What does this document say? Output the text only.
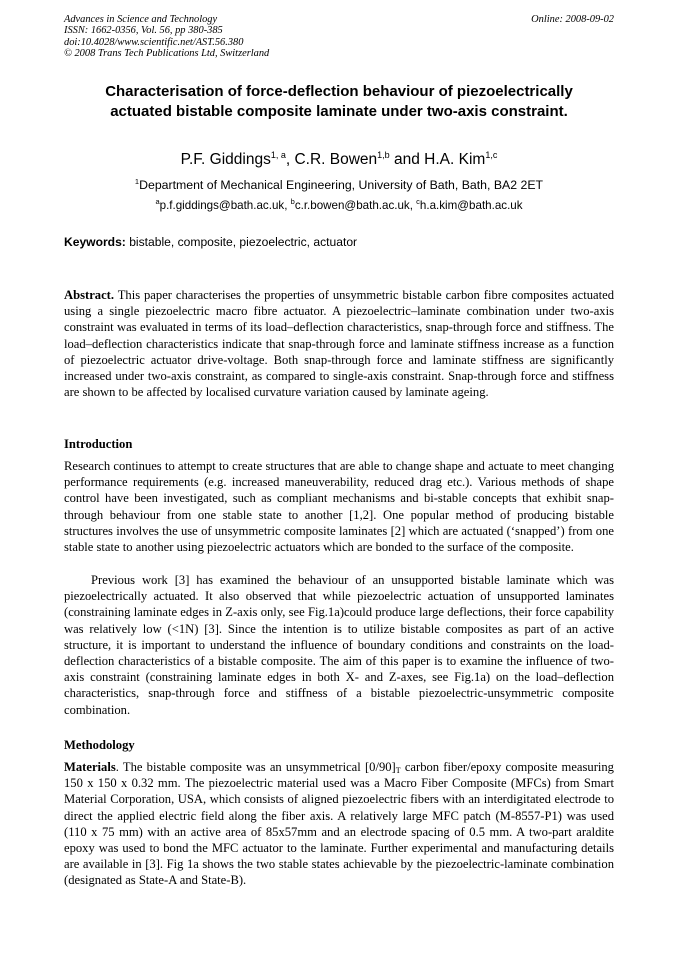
Advances in Science and Technology
ISSN: 1662-0356, Vol. 56, pp 380-385
doi:10.4028/www.scientific.net/AST.56.380
© 2008 Trans Tech Publications Ltd, Switzerland
Online: 2008-09-02
Characterisation of force-deflection behaviour of piezoelectrically
actuated bistable composite laminate under two-axis constraint.
P.F. Giddings$^{1, a}$, C.R. Bowen$^{1,b}$ and H.A. Kim$^{1,c}$
$^1$Department of Mechanical Engineering, University of Bath, Bath, BA2 2ET
$^a$p.f.giddings@bath.ac.uk, $^b$c.r.bowen@bath.ac.uk, $^c$h.a.kim@bath.ac.uk
Keywords: bistable, composite, piezoelectric, actuator
Abstract. This paper characterises the properties of unsymmetric bistable carbon fibre composites actuated using a single piezoelectric macro fibre actuator. A piezoelectric–laminate combination under two-axis constraint was evaluated in terms of its load–deflection characteristics, snap-through force and stiffness. The load–deflection characteristics indicate that snap-through force and laminate stiffness increase as a function of piezoelectric actuator drive-voltage. Both snap-through force and laminate stiffness are significantly increased under two-axis constraint, as compared to single-axis constraint. Snap-through force and stiffness are shown to be affected by localised curvature variation caused by laminate ageing.
Introduction
Research continues to attempt to create structures that are able to change shape and actuate to meet changing performance requirements (e.g. increased maneuverability, reduced drag etc.). Various methods of shape control have been investigated, such as compliant mechanisms and bi-stable concepts that exhibit snap-through behaviour from one stable state to another [1,2]. One popular method of producing bistable structures involves the use of unsymmetric composite laminates [2] which are actuated (‘snapped’) from one stable state to another using piezoelectric actuators which are bonded to the surface of the composite.
Previous work [3] has examined the behaviour of an unsupported bistable laminate which was piezoelectrically actuated. It also observed that while piezoelectric actuation of unsupported laminates (constraining laminate edges in Z-axis only, see Fig.1a)could produce large deflections, their force capability was relatively low (<1N) [3]. Since the intention is to utilize bistable composites as part of an active structure, it is important to understand the influence of boundary conditions and constraints on the load-deflection characteristics of a bistable composite. The aim of this paper is to examine the influence of two-axis constraint (constraining laminate edges in both X- and Z-axes, see Fig.1a) on the load–deflection characteristics, snap-through force and stiffness of a bistable piezoelectric-unsymmetric composite combination.
Methodology
Materials. The bistable composite was an unsymmetrical $[0/90]_T$ carbon fiber/epoxy composite measuring 150 x 150 x 0.32 mm. The piezoelectric material used was a Macro Fiber Composite (MFCs) from Smart Material Corporation, USA, which consists of aligned piezoelectric fibers with an interdigitated electrode to direct the applied electric field along the fiber axis. A relatively large MFC patch (M-8557-P1) was used (110 x 75 mm) with an active area of 85x57mm and an electrode spacing of 0.5 mm. A two-part araldite epoxy was used to bond the MFC actuator to the laminate. Further experimental and manufacturing details are available in [3]. Fig 1a shows the two stable states achievable by the piezoelectric-laminate combination (designated as State-A and State-B).
